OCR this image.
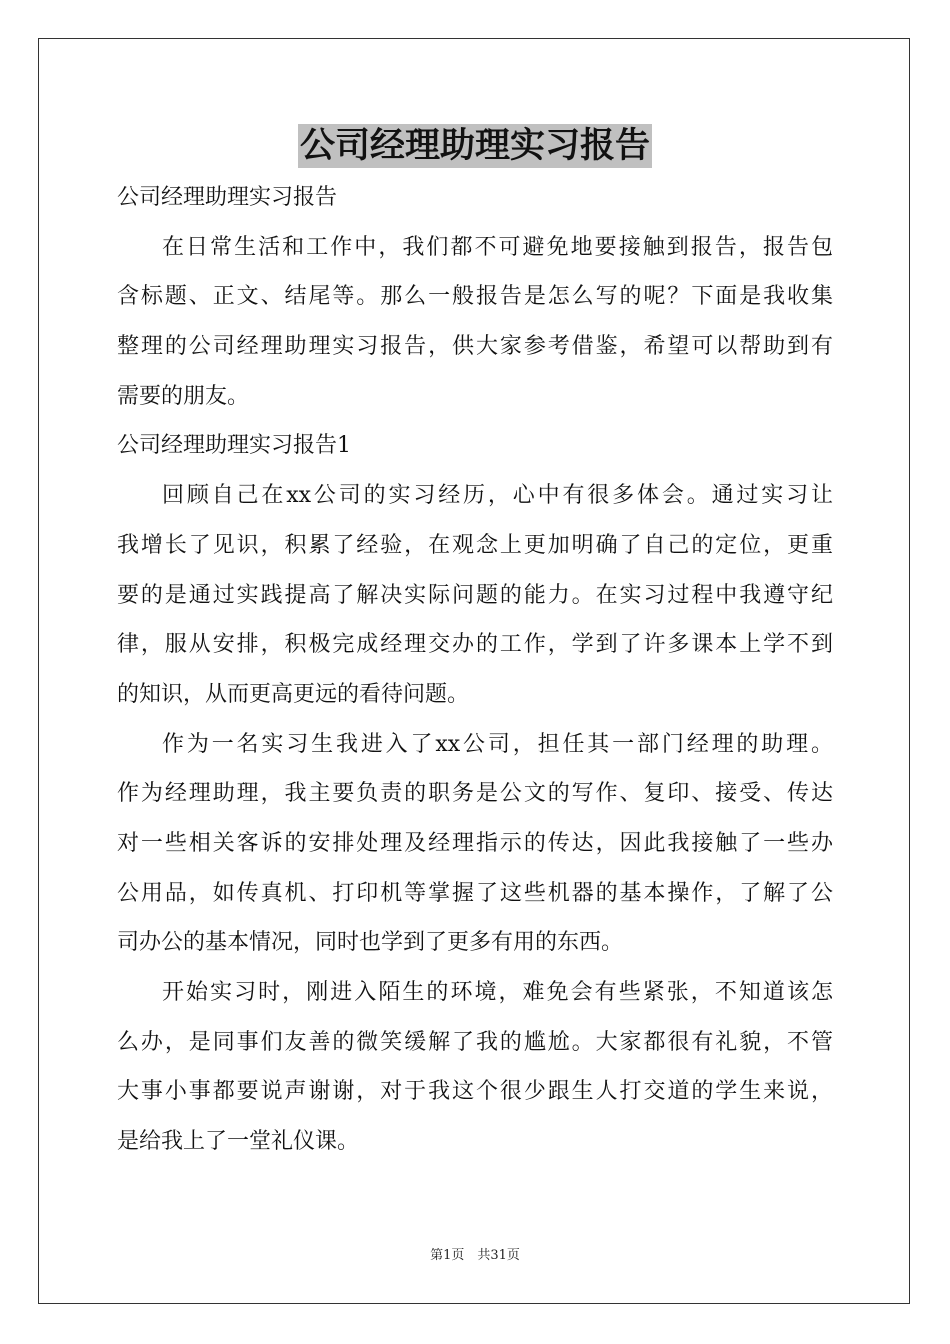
公司经理助理实习报告
公司经理助理实习报告
在日常生活和工作中，我们都不可避免地要接触到报告，报告包
含标题、正文、结尾等。那么一般报告是怎么写的呢？下面是我收集
整理的公司经理助理实习报告，供大家参考借鉴，希望可以帮助到有
需要的朋友。
公司经理助理实习报告1
回顾自己在xx公司的实习经历，心中有很多体会。通过实习让
我增长了见识，积累了经验，在观念上更加明确了自己的定位，更重
要的是通过实践提高了解决实际问题的能力。在实习过程中我遵守纪
律，服从安排，积极完成经理交办的工作，学到了许多课本上学不到
的知识，从而更高更远的看待问题。
作为一名实习生我进入了xx公司，担任其一部门经理的助理。
作为经理助理，我主要负责的职务是公文的写作、复印、接受、传达
对一些相关客诉的安排处理及经理指示的传达，因此我接触了一些办
公用品，如传真机、打印机等掌握了这些机器的基本操作，了解了公
司办公的基本情况，同时也学到了更多有用的东西。
开始实习时，刚进入陌生的环境，难免会有些紧张，不知道该怎
么办，是同事们友善的微笑缓解了我的尴尬。大家都很有礼貌，不管
大事小事都要说声谢谢，对于我这个很少跟生人打交道的学生来说，
是给我上了一堂礼仪课。
第1页　共31页
